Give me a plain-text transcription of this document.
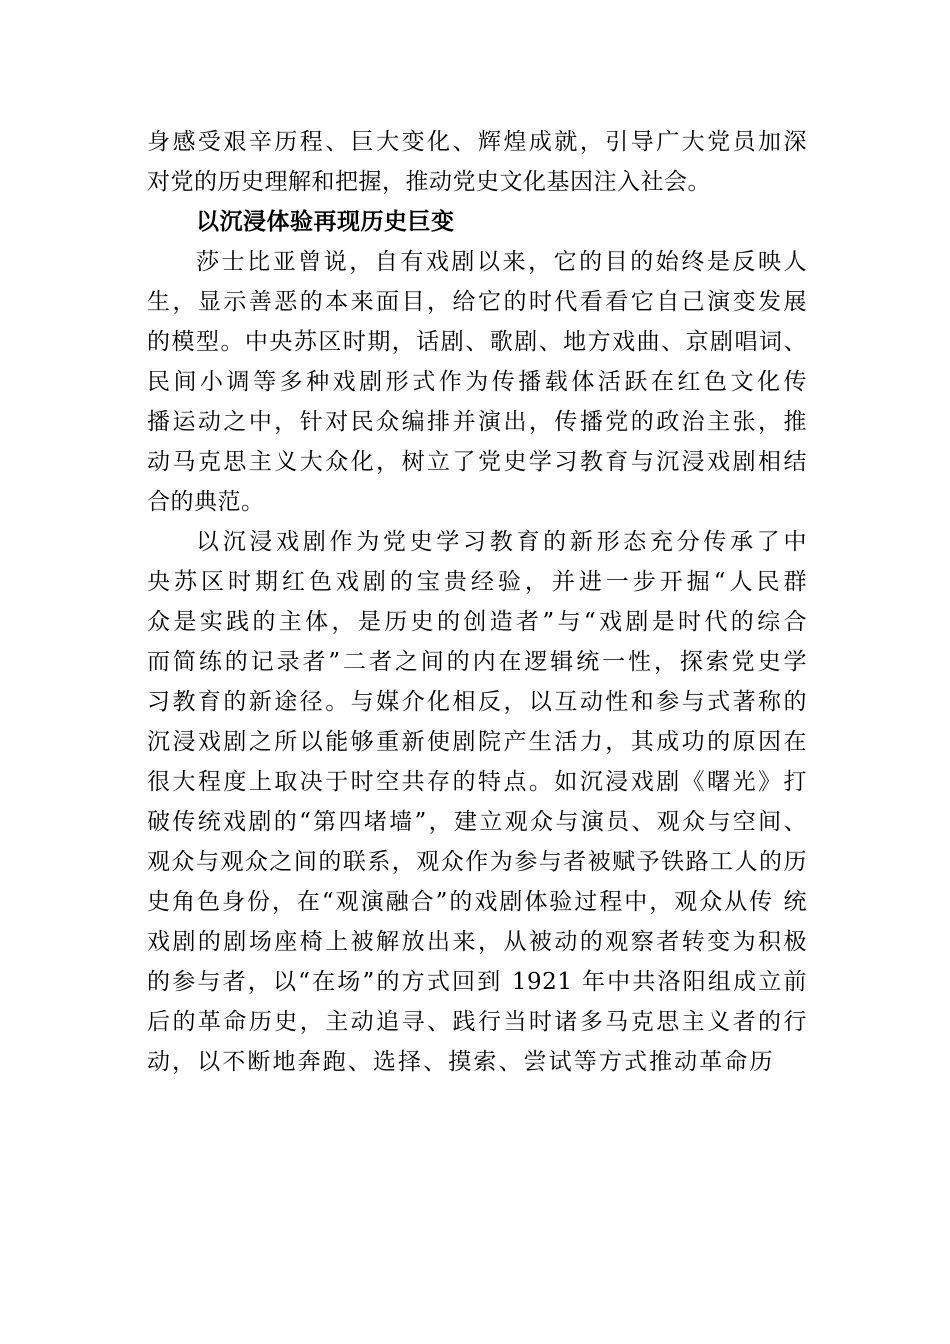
身感受艰辛历程、巨大变化、辉煌成就，引导广大党员加深
对党的历史理解和把握，推动党史文化基因注入社会。
以沉浸体验再现历史巨变
莎士比亚曾说，自有戏剧以来，它的目的始终是反映人
生，显示善恶的本来面目，给它的时代看看它自己演变发展
的模型。中央苏区时期，话剧、歌剧、地方戏曲、京剧唱词、
民间小调等多种戏剧形式作为传播载体活跃在红色文化传
播运动之中，针对民众编排并演出，传播党的政治主张，推
动马克思主义大众化，树立了党史学习教育与沉浸戏剧相结
合的典范。
以沉浸戏剧作为党史学习教育的新形态充分传承了中
央苏区时期红色戏剧的宝贵经验，并进一步开掘“人民群
众是实践的主体，是历史的创造者”与“戏剧是时代的综合
而简练的记录者”二者之间的内在逻辑统一性，探索党史学
习教育的新途径。与媒介化相反，以互动性和参与式著称的
沉浸戏剧之所以能够重新使剧院产生活力，其成功的原因在
很大程度上取决于时空共存的特点。如沉浸戏剧《曙光》打
破传统戏剧的“第四堵墙”，建立观众与演员、观众与空间、
观众与观众之间的联系，观众作为参与者被赋予铁路工人的历
史角色身份，在“观演融合”的戏剧体验过程中，观众从传 统
戏剧的剧场座椅上被解放出来，从被动的观察者转变为积极
的参与者，以“在场”的方式回到 1921 年中共洛阳组成立前
后的革命历史，主动追寻、践行当时诸多马克思主义者的行
动，以不断地奔跑、选择、摸索、尝试等方式推动革命历
